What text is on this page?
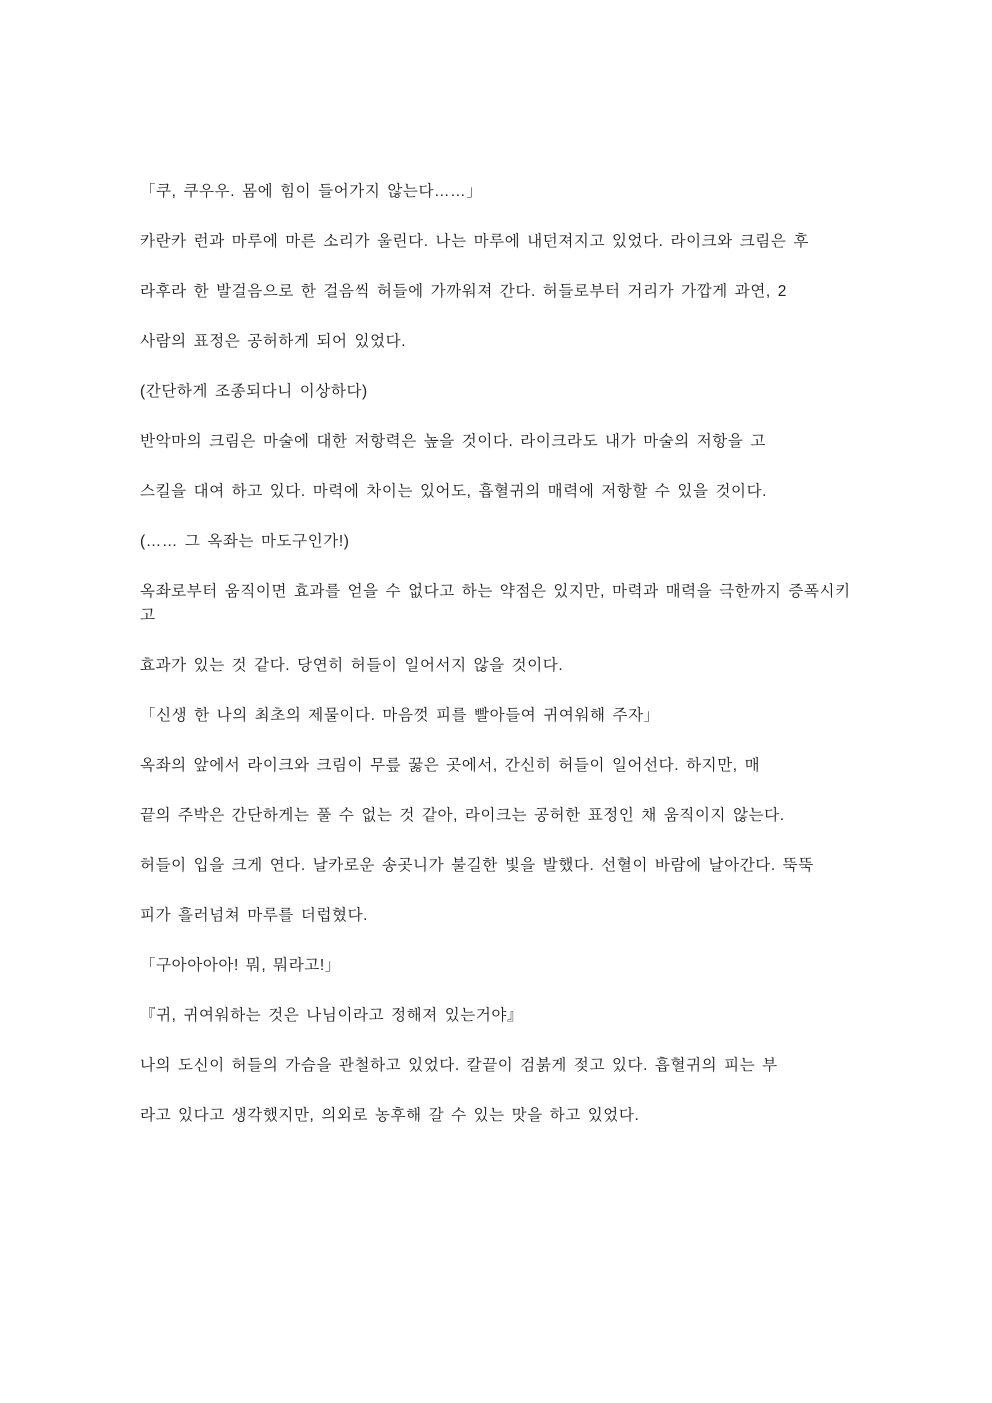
「쿠, 쿠우우. 몸에 힘이 들어가지 않는다……」

카란카 런과 마루에 마른 소리가 울린다. 나는 마루에 내던져지고 있었다. 라이크와 크림은 후

라후라 한 발걸음으로 한 걸음씩 허들에 가까워져 간다. 허들로부터 거리가 가깝게 과연, 2

사람의 표정은 공허하게 되어 있었다.

(간단하게 조종되다니 이상하다)

반악마의 크림은 마술에 대한 저항력은 높을 것이다. 라이크라도 내가 마술의 저항을 고

스킬을 대여 하고 있다. 마력에 차이는 있어도, 흡혈귀의 매력에 저항할 수 있을 것이다.

(…… 그 옥좌는 마도구인가!)

옥좌로부터 움직이면 효과를 얻을 수 없다고 하는 약점은 있지만, 마력과 매력을 극한까지 증폭시키고

효과가 있는 것 같다. 당연히 허들이 일어서지 않을 것이다.

「신생 한 나의 최초의 제물이다. 마음껏 피를 빨아들여 귀여워해 주자」

옥좌의 앞에서 라이크와 크림이 무릎 꿇은 곳에서, 간신히 허들이 일어선다. 하지만, 매

끝의 주박은 간단하게는 풀 수 없는 것 같아, 라이크는 공허한 표정인 채 움직이지 않는다.

허들이 입을 크게 연다. 날카로운 송곳니가 불길한 빛을 발했다. 선혈이 바람에 날아간다. 뚝뚝

피가 흘러넘쳐 마루를 더럽혔다.

「구아아아아! 뭐, 뭐라고!」

『귀, 귀여워하는 것은 나님이라고 정해져 있는거야』

나의 도신이 허들의 가슴을 관철하고 있었다. 칼끝이 검붉게 젖고 있다. 흡혈귀의 피는 부

라고 있다고 생각했지만, 의외로 농후해 갈 수 있는 맛을 하고 있었다.
